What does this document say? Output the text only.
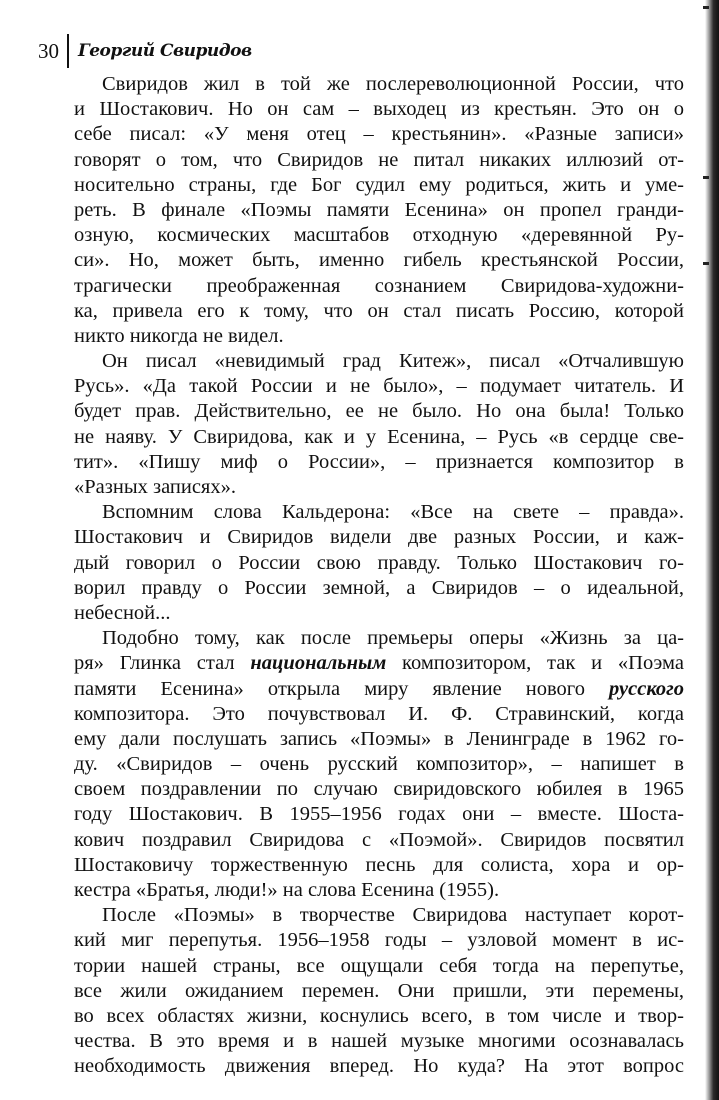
30 Георгий Свиридов
Свиридов жил в той же послереволюционной России, что
и Шостакович. Но он сам – выходец из крестьян. Это он о
себе писал: «У меня отец – крестьянин». «Разные записи»
говорят о том, что Свиридов не питал никаких иллюзий от-
носительно страны, где Бог судил ему родиться, жить и уме-
реть. В финале «Поэмы памяти Есенина» он пропел гранди-
озную, космических масштабов отходную «деревянной Ру-
си». Но, может быть, именно гибель крестьянской России,
трагически преображенная сознанием Свиридова-художни-
ка, привела его к тому, что он стал писать Россию, которой
никто никогда не видел.
Он писал «невидимый град Китеж», писал «Отчалившую
Русь». «Да такой России и не было», – подумает читатель. И
будет прав. Действительно, ее не было. Но она была! Только
не наяву. У Свиридова, как и у Есенина, – Русь «в сердце све-
тит». «Пишу миф о России», – признается композитор в
«Разных записях».
Вспомним слова Кальдерона: «Все на свете – правда».
Шостакович и Свиридов видели две разных России, и каж-
дый говорил о России свою правду. Только Шостакович го-
ворил правду о России земной, а Свиридов – о идеальной,
небесной...
Подобно тому, как после премьеры оперы «Жизнь за ца-
ря» Глинка стал национальным композитором, так и «Поэма
памяти Есенина» открыла миру явление нового русского
композитора. Это почувствовал И. Ф. Стравинский, когда
ему дали послушать запись «Поэмы» в Ленинграде в 1962 го-
ду. «Свиридов – очень русский композитор», – напишет в
своем поздравлении по случаю свиридовского юбилея в 1965
году Шостакович. В 1955–1956 годах они – вместе. Шоста-
кович поздравил Свиридова с «Поэмой». Свиридов посвятил
Шостаковичу торжественную песнь для солиста, хора и ор-
кестра «Братья, люди!» на слова Есенина (1955).
После «Поэмы» в творчестве Свиридова наступает корот-
кий миг перепутья. 1956–1958 годы – узловой момент в ис-
тории нашей страны, все ощущали себя тогда на перепутье,
все жили ожиданием перемен. Они пришли, эти перемены,
во всех областях жизни, коснулись всего, в том числе и твор-
чества. В это время и в нашей музыке многими осознавалась
необходимость движения вперед. Но куда? На этот вопрос
